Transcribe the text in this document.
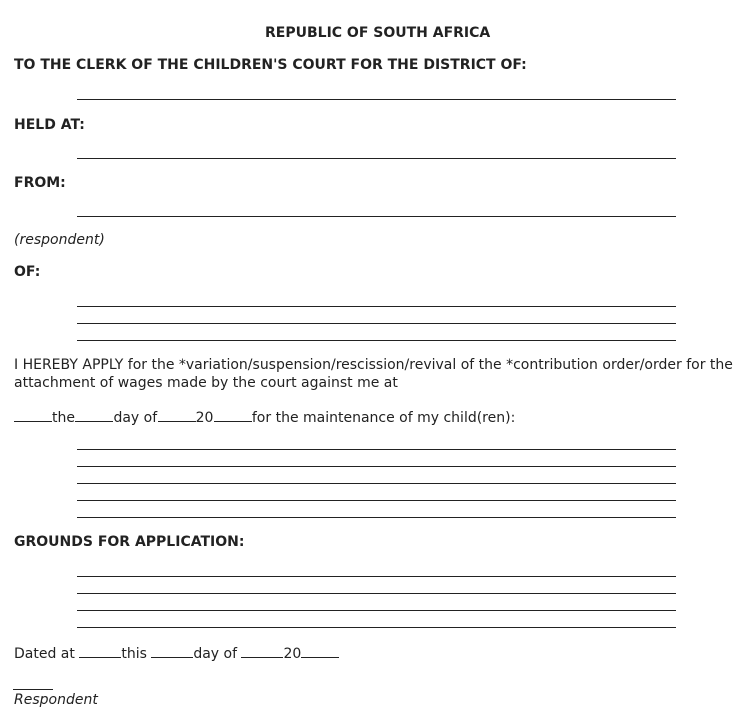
REPUBLIC OF SOUTH AFRICA
TO THE CLERK OF THE CHILDREN'S COURT FOR THE DISTRICT OF:
HELD AT:
FROM:
(respondent)
OF:
I HEREBY APPLY for the *variation/suspension/rescission/revival of the *contribution order/order for the
attachment of wages made by the court against me at
the	day of	20	for the maintenance of my child(ren):
GROUNDS FOR APPLICATION:
Dated at	this	day of	20
Respondent
